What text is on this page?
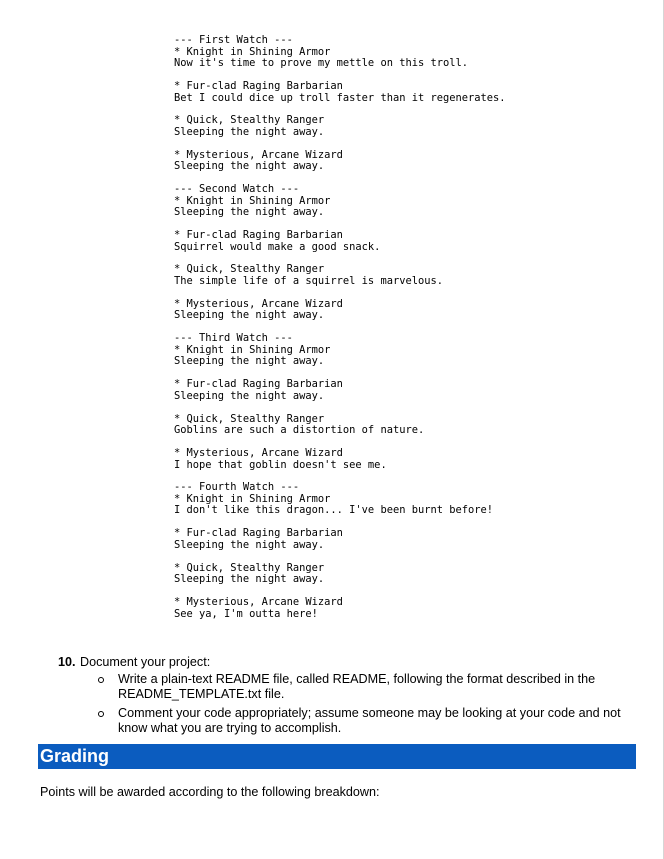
--- First Watch ---
* Knight in Shining Armor
Now it's time to prove my mettle on this troll.
* Fur-clad Raging Barbarian
Bet I could dice up troll faster than it regenerates.
* Quick, Stealthy Ranger
Sleeping the night away.
* Mysterious, Arcane Wizard
Sleeping the night away.
--- Second Watch ---
* Knight in Shining Armor
Sleeping the night away.
* Fur-clad Raging Barbarian
Squirrel would make a good snack.
* Quick, Stealthy Ranger
The simple life of a squirrel is marvelous.
* Mysterious, Arcane Wizard
Sleeping the night away.
--- Third Watch ---
* Knight in Shining Armor
Sleeping the night away.
* Fur-clad Raging Barbarian
Sleeping the night away.
* Quick, Stealthy Ranger
Goblins are such a distortion of nature.
* Mysterious, Arcane Wizard
I hope that goblin doesn't see me.
--- Fourth Watch ---
* Knight in Shining Armor
I don't like this dragon... I've been burnt before!
* Fur-clad Raging Barbarian
Sleeping the night away.
* Quick, Stealthy Ranger
Sleeping the night away.
* Mysterious, Arcane Wizard
See ya, I'm outta here!
10. Document your project:
Write a plain-text README file, called README, following the format described in the README_TEMPLATE.txt file.
Comment your code appropriately; assume someone may be looking at your code and not know what you are trying to accomplish.
Grading
Points will be awarded according to the following breakdown:
